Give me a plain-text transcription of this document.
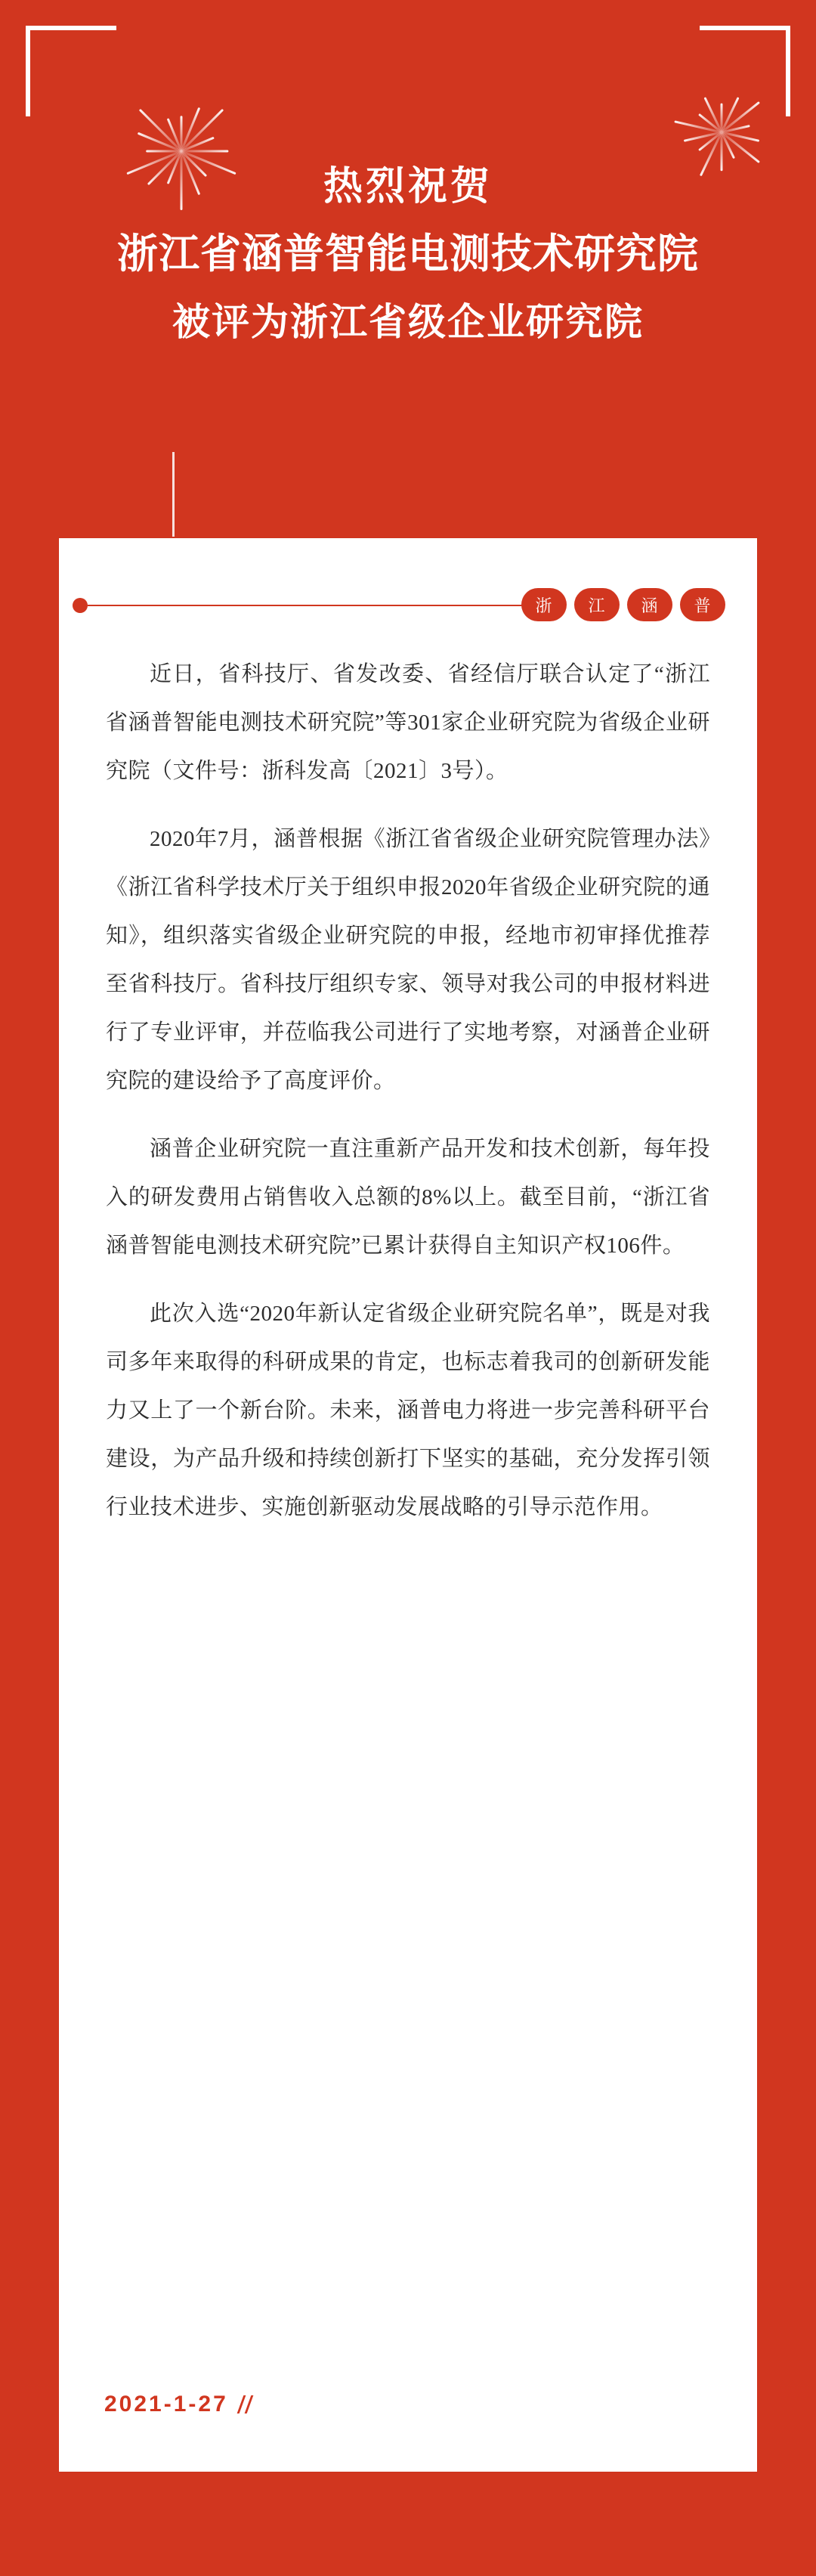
热烈祝贺
浙江省涵普智能电测技术研究院
被评为浙江省级企业研究院
浙	江	涵	普

近日，省科技厅、省发改委、省经信厅联合认定了“浙江省涵普智能电测技术研究院”等301家企业研究院为省级企业研究院（文件号：浙科发高〔2021〕3号）。

2020年7月，涵普根据《浙江省省级企业研究院管理办法》《浙江省科学技术厅关于组织申报2020年省级企业研究院的通知》，组织落实省级企业研究院的申报，经地市初审择优推荐至省科技厅。省科技厅组织专家、领导对我公司的申报材料进行了专业评审，并莅临我公司进行了实地考察，对涵普企业研究院的建设给予了高度评价。

涵普企业研究院一直注重新产品开发和技术创新，每年投入的研发费用占销售收入总额的8%以上。截至目前，“浙江省涵普智能电测技术研究院”已累计获得自主知识产权106件。

此次入选“2020年新认定省级企业研究院名单”，既是对我司多年来取得的科研成果的肯定，也标志着我司的创新研发能力又上了一个新台阶。未来，涵普电力将进一步完善科研平台建设，为产品升级和持续创新打下坚实的基础，充分发挥引领行业技术进步、实施创新驱动发展战略的引导示范作用。

2021-1-27
